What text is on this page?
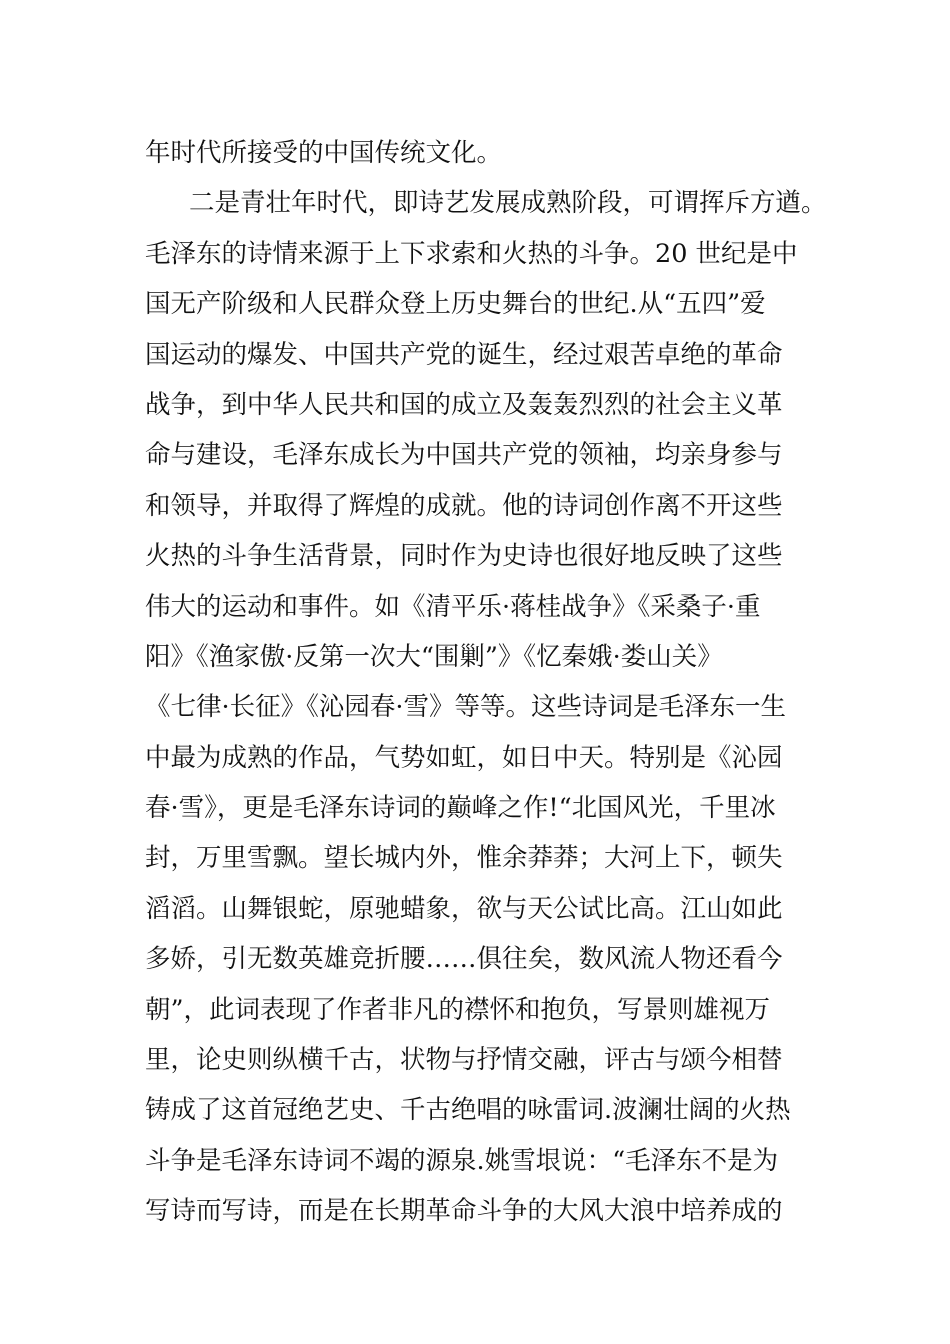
年时代所接受的中国传统文化。
二是青壮年时代，即诗艺发展成熟阶段，可谓挥斥方遒。
毛泽东的诗情来源于上下求索和火热的斗争。20 世纪是中
国无产阶级和人民群众登上历史舞台的世纪.从“五四”爱
国运动的爆发、中国共产党的诞生，经过艰苦卓绝的革命
战争，到中华人民共和国的成立及轰轰烈烈的社会主义革
命与建设，毛泽东成长为中国共产党的领袖，均亲身参与
和领导，并取得了辉煌的成就。他的诗词创作离不开这些
火热的斗争生活背景，同时作为史诗也很好地反映了这些
伟大的运动和事件。如《清平乐·蒋桂战争》《采桑子·重
阳》《渔家傲·反第一次大“围剿”》《忆秦娥·娄山关》
《七律·长征》《沁园春·雪》等等。这些诗词是毛泽东一生
中最为成熟的作品，气势如虹，如日中天。特别是《沁园
春·雪》，更是毛泽东诗词的巅峰之作!“北国风光，千里冰
封，万里雪飘。望长城内外，惟余莽莽；大河上下，顿失
滔滔。山舞银蛇，原驰蜡象，欲与天公试比高。江山如此
多娇，引无数英雄竞折腰……俱往矣，数风流人物还看今
朝”，此词表现了作者非凡的襟怀和抱负，写景则雄视万
里，论史则纵横千古，状物与抒情交融，评古与颂今相替
铸成了这首冠绝艺史、千古绝唱的咏雷词.波澜壮阔的火热
斗争是毛泽东诗词不竭的源泉.姚雪垠说：“毛泽东不是为
写诗而写诗，而是在长期革命斗争的大风大浪中培养成的
